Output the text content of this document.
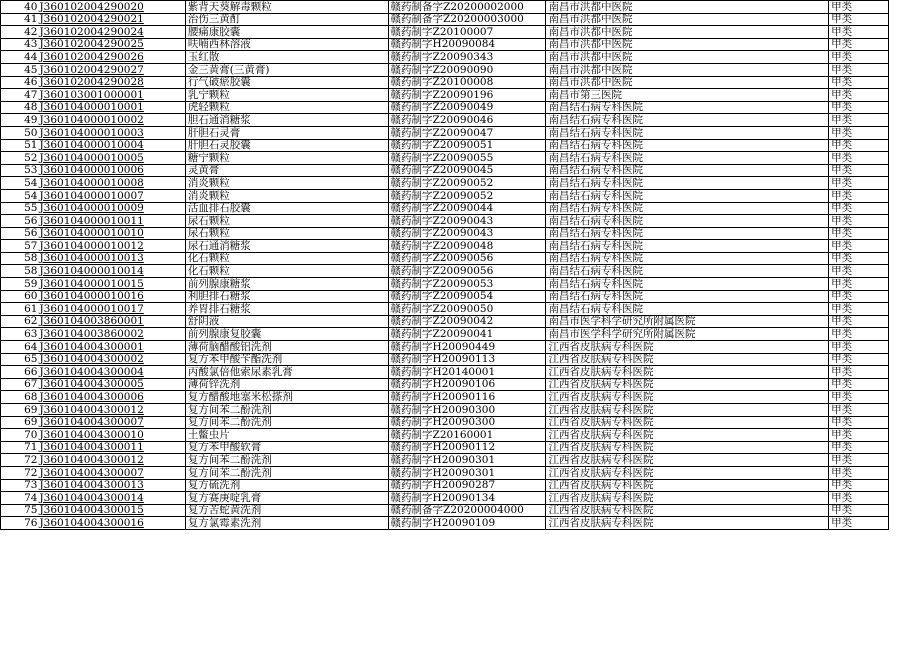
40	J360102004290020	紫背天葵解毒颗粒	赣药制备字Z20200002000	南昌市洪都中医院	甲类	
41	J360102004290021	治伤三黄酊	赣药制备字Z20200003000	南昌市洪都中医院	甲类	
42	J360102004290024	腰痛康胶囊	赣药制字Z20100007	南昌市洪都中医院	甲类	
43	J360102004290025	呋喃西林溶液	赣药制字H20090084	南昌市洪都中医院	甲类	
44	J360102004290026	玉红散	赣药制字Z20090343	南昌市洪都中医院	甲类	
45	J360102004290027	金三黄膏(三黄膏)	赣药制字Z20090090	南昌市洪都中医院	甲类	
46	J360102004290028	行气破瘀胶囊	赣药制字Z20100008	南昌市洪都中医院	甲类	
47	J360103001000001	乳宁颗粒	赣药制字Z20090196	南昌市第三医院	甲类	
48	J360104000010001	虎轻颗粒	赣药制字Z20090049	南昌结石病专科医院	甲类	
49	J360104000010002	胆石通消糖浆	赣药制字Z20090046	南昌结石病专科医院	甲类	
50	J360104000010003	肝胆石灵膏	赣药制字Z20090047	南昌结石病专科医院	甲类	
51	J360104000010004	肝胆石灵胶囊	赣药制字Z20090051	南昌结石病专科医院	甲类	
52	J360104000010005	糖宁颗粒	赣药制字Z20090055	南昌结石病专科医院	甲类	
53	J360104000010006	灵黄膏	赣药制字Z20090045	南昌结石病专科医院	甲类	
54	J360104000010008	消炎颗粒	赣药制字Z20090052	南昌结石病专科医院	甲类	
54	J360104000010007	消炎颗粒	赣药制字Z20090052	南昌结石病专科医院	甲类	
55	J360104000010009	活血排石胶囊	赣药制字Z20090044	南昌结石病专科医院	甲类	
56	J360104000010011	尿石颗粒	赣药制字Z20090043	南昌结石病专科医院	甲类	
56	J360104000010010	尿石颗粒	赣药制字Z20090043	南昌结石病专科医院	甲类	
57	J360104000010012	尿石通消糖浆	赣药制字Z20090048	南昌结石病专科医院	甲类	
58	J360104000010013	化石颗粒	赣药制字Z20090056	南昌结石病专科医院	甲类	
58	J360104000010014	化石颗粒	赣药制字Z20090056	南昌结石病专科医院	甲类	
59	J360104000010015	前列腺康糖浆	赣药制字Z20090053	南昌结石病专科医院	甲类	
60	J360104000010016	利胆排石糖浆	赣药制字Z20090054	南昌结石病专科医院	甲类	
61	J360104000010017	养胃排石糖浆	赣药制字Z20090050	南昌结石病专科医院	甲类	
62	J360104003860001	舒阴液	赣药制字Z20090042	南昌市医学科学研究所附属医院	甲类	
63	J360104003860002	前列腺康复胶囊	赣药制字Z20090041	南昌市医学科学研究所附属医院	甲类	
64	J360104004300001	薄荷脑醋酸铝洗剂	赣药制字H20090449	江西省皮肤病专科医院	甲类	
65	J360104004300002	复方苯甲酸苄酯洗剂	赣药制字H20090113	江西省皮肤病专科医院	甲类	
66	J360104004300004	丙酸氯倍他索尿素乳膏	赣药制字H20140001	江西省皮肤病专科医院	甲类	
67	J360104004300005	薄荷锌洗剂	赣药制字H20090106	江西省皮肤病专科医院	甲类	
68	J360104004300006	复方醋酸地塞米松搽剂	赣药制字H20090116	江西省皮肤病专科医院	甲类	
69	J360104004300012	复方间苯二酚洗剂	赣药制字H20090300	江西省皮肤病专科医院	甲类	
69	J360104004300007	复方间苯二酚洗剂	赣药制字H20090300	江西省皮肤病专科医院	甲类	
70	J360104004300010	土鳖虫片	赣药制字Z20160001	江西省皮肤病专科医院	甲类	
71	J360104004300011	复方苯甲酸软膏	赣药制字H20090112	江西省皮肤病专科医院	甲类	
72	J360104004300012	复方间苯二酚洗剂	赣药制字H20090301	江西省皮肤病专科医院	甲类	
72	J360104004300007	复方间苯二酚洗剂	赣药制字H20090301	江西省皮肤病专科医院	甲类	
73	J360104004300013	复方硫洗剂	赣药制字H20090287	江西省皮肤病专科医院	甲类	
74	J360104004300014	复方赛庚啶乳膏	赣药制字H20090134	江西省皮肤病专科医院	甲类	
75	J360104004300015	复方苦蛇黄洗剂	赣药制备字Z20200004000	江西省皮肤病专科医院	甲类	
76	J360104004300016	复方氯霉素洗剂	赣药制字H20090109	江西省皮肤病专科医院	甲类	
